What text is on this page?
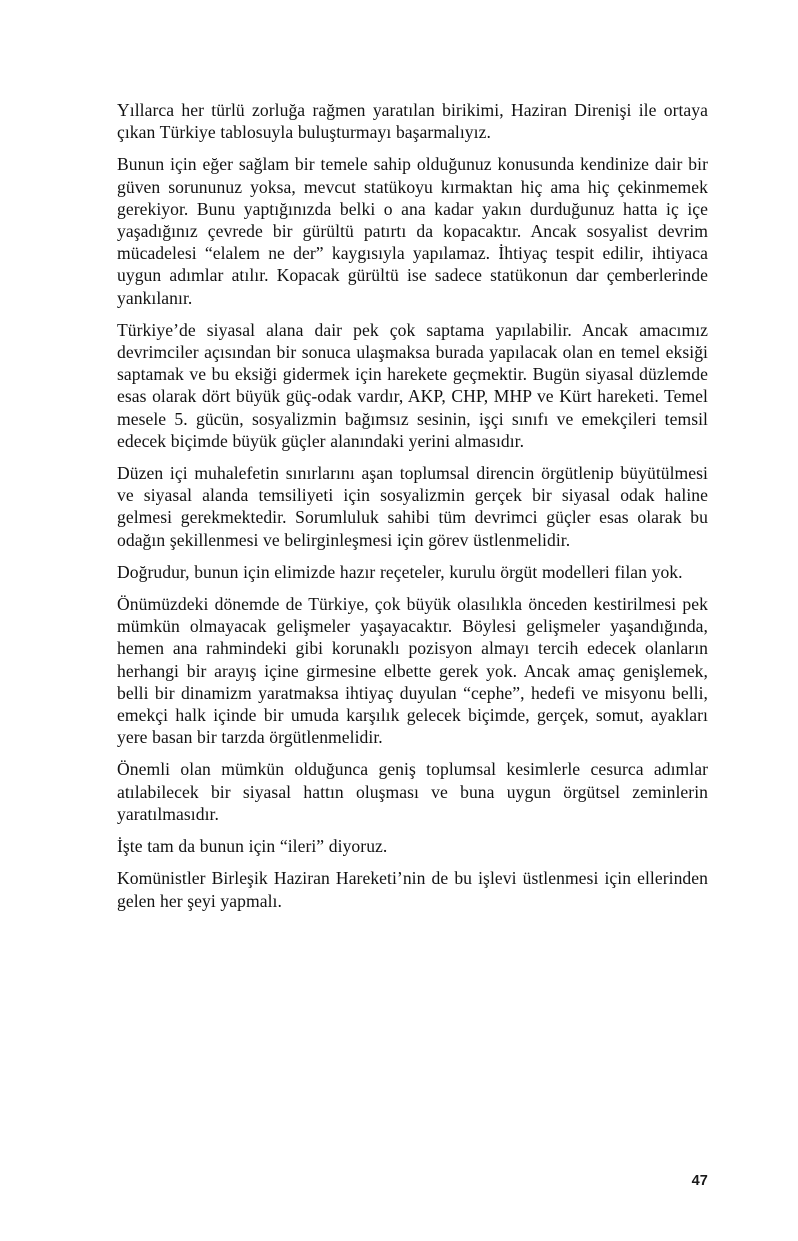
Yıllarca her türlü zorluğa rağmen yaratılan birikimi, Haziran Direnişi ile ortaya çıkan Türkiye tablosuyla buluşturmayı başarmalıyız.

Bunun için eğer sağlam bir temele sahip olduğunuz konusunda kendinize dair bir güven sorununuz yoksa, mevcut statükoyu kırmaktan hiç ama hiç çekinmemek gerekiyor. Bunu yaptığınızda belki o ana kadar yakın durduğunuz hatta iç içe yaşadığınız çevrede bir gürültü patırtı da kopacaktır. Ancak sosyalist devrim mücadelesi “elalem ne der” kaygısıyla yapılamaz. İhtiyaç tespit edilir, ihtiyaca uygun adımlar atılır. Kopacak gürültü ise sadece statükonun dar çemberlerinde yankılanır.

Türkiye’de siyasal alana dair pek çok saptama yapılabilir. Ancak amacımız devrimciler açısından bir sonuca ulaşmaksa burada yapılacak olan en temel eksiği saptamak ve bu eksiği gidermek için harekete geçmektir. Bugün siyasal düzlemde esas olarak dört büyük güç-odak vardır, AKP, CHP, MHP ve Kürt hareketi. Temel mesele 5. gücün, sosyalizmin bağımsız sesinin, işçi sınıfı ve emekçileri temsil edecek biçimde büyük güçler alanındaki yerini almasıdır.

Düzen içi muhalefetin sınırlarını aşan toplumsal direncin örgütlenip büyütülmesi ve siyasal alanda temsiliyeti için sosyalizmin gerçek bir siyasal odak haline gelmesi gerekmektedir. Sorumluluk sahibi tüm devrimci güçler esas olarak bu odağın şekillenmesi ve belirginleşmesi için görev üstlenmelidir.

Doğrudur, bunun için elimizde hazır reçeteler, kurulu örgüt modelleri filan yok.

Önümüzdeki dönemde de Türkiye, çok büyük olasılıkla önceden kestirilmesi pek mümkün olmayacak gelişmeler yaşayacaktır. Böylesi gelişmeler yaşandığında, hemen ana rahmindeki gibi korunaklı pozisyon almayı tercih edecek olanların herhangi bir arayış içine girmesine elbette gerek yok. Ancak amaç genişlemek, belli bir dinamizm yaratmaksa ihtiyaç duyulan “cephe”, hedefi ve misyonu belli, emekçi halk içinde bir umuda karşılık gelecek biçimde, gerçek, somut, ayakları yere basan bir tarzda örgütlenmelidir.

Önemli olan mümkün olduğunca geniş toplumsal kesimlerle cesurca adımlar atılabilecek bir siyasal hattın oluşması ve buna uygun örgütsel zeminlerin yaratılmasıdır.

İşte tam da bunun için “ileri” diyoruz.

Komünistler Birleşik Haziran Hareketi’nin de bu işlevi üstlenmesi için ellerinden gelen her şeyi yapmalı.

47
